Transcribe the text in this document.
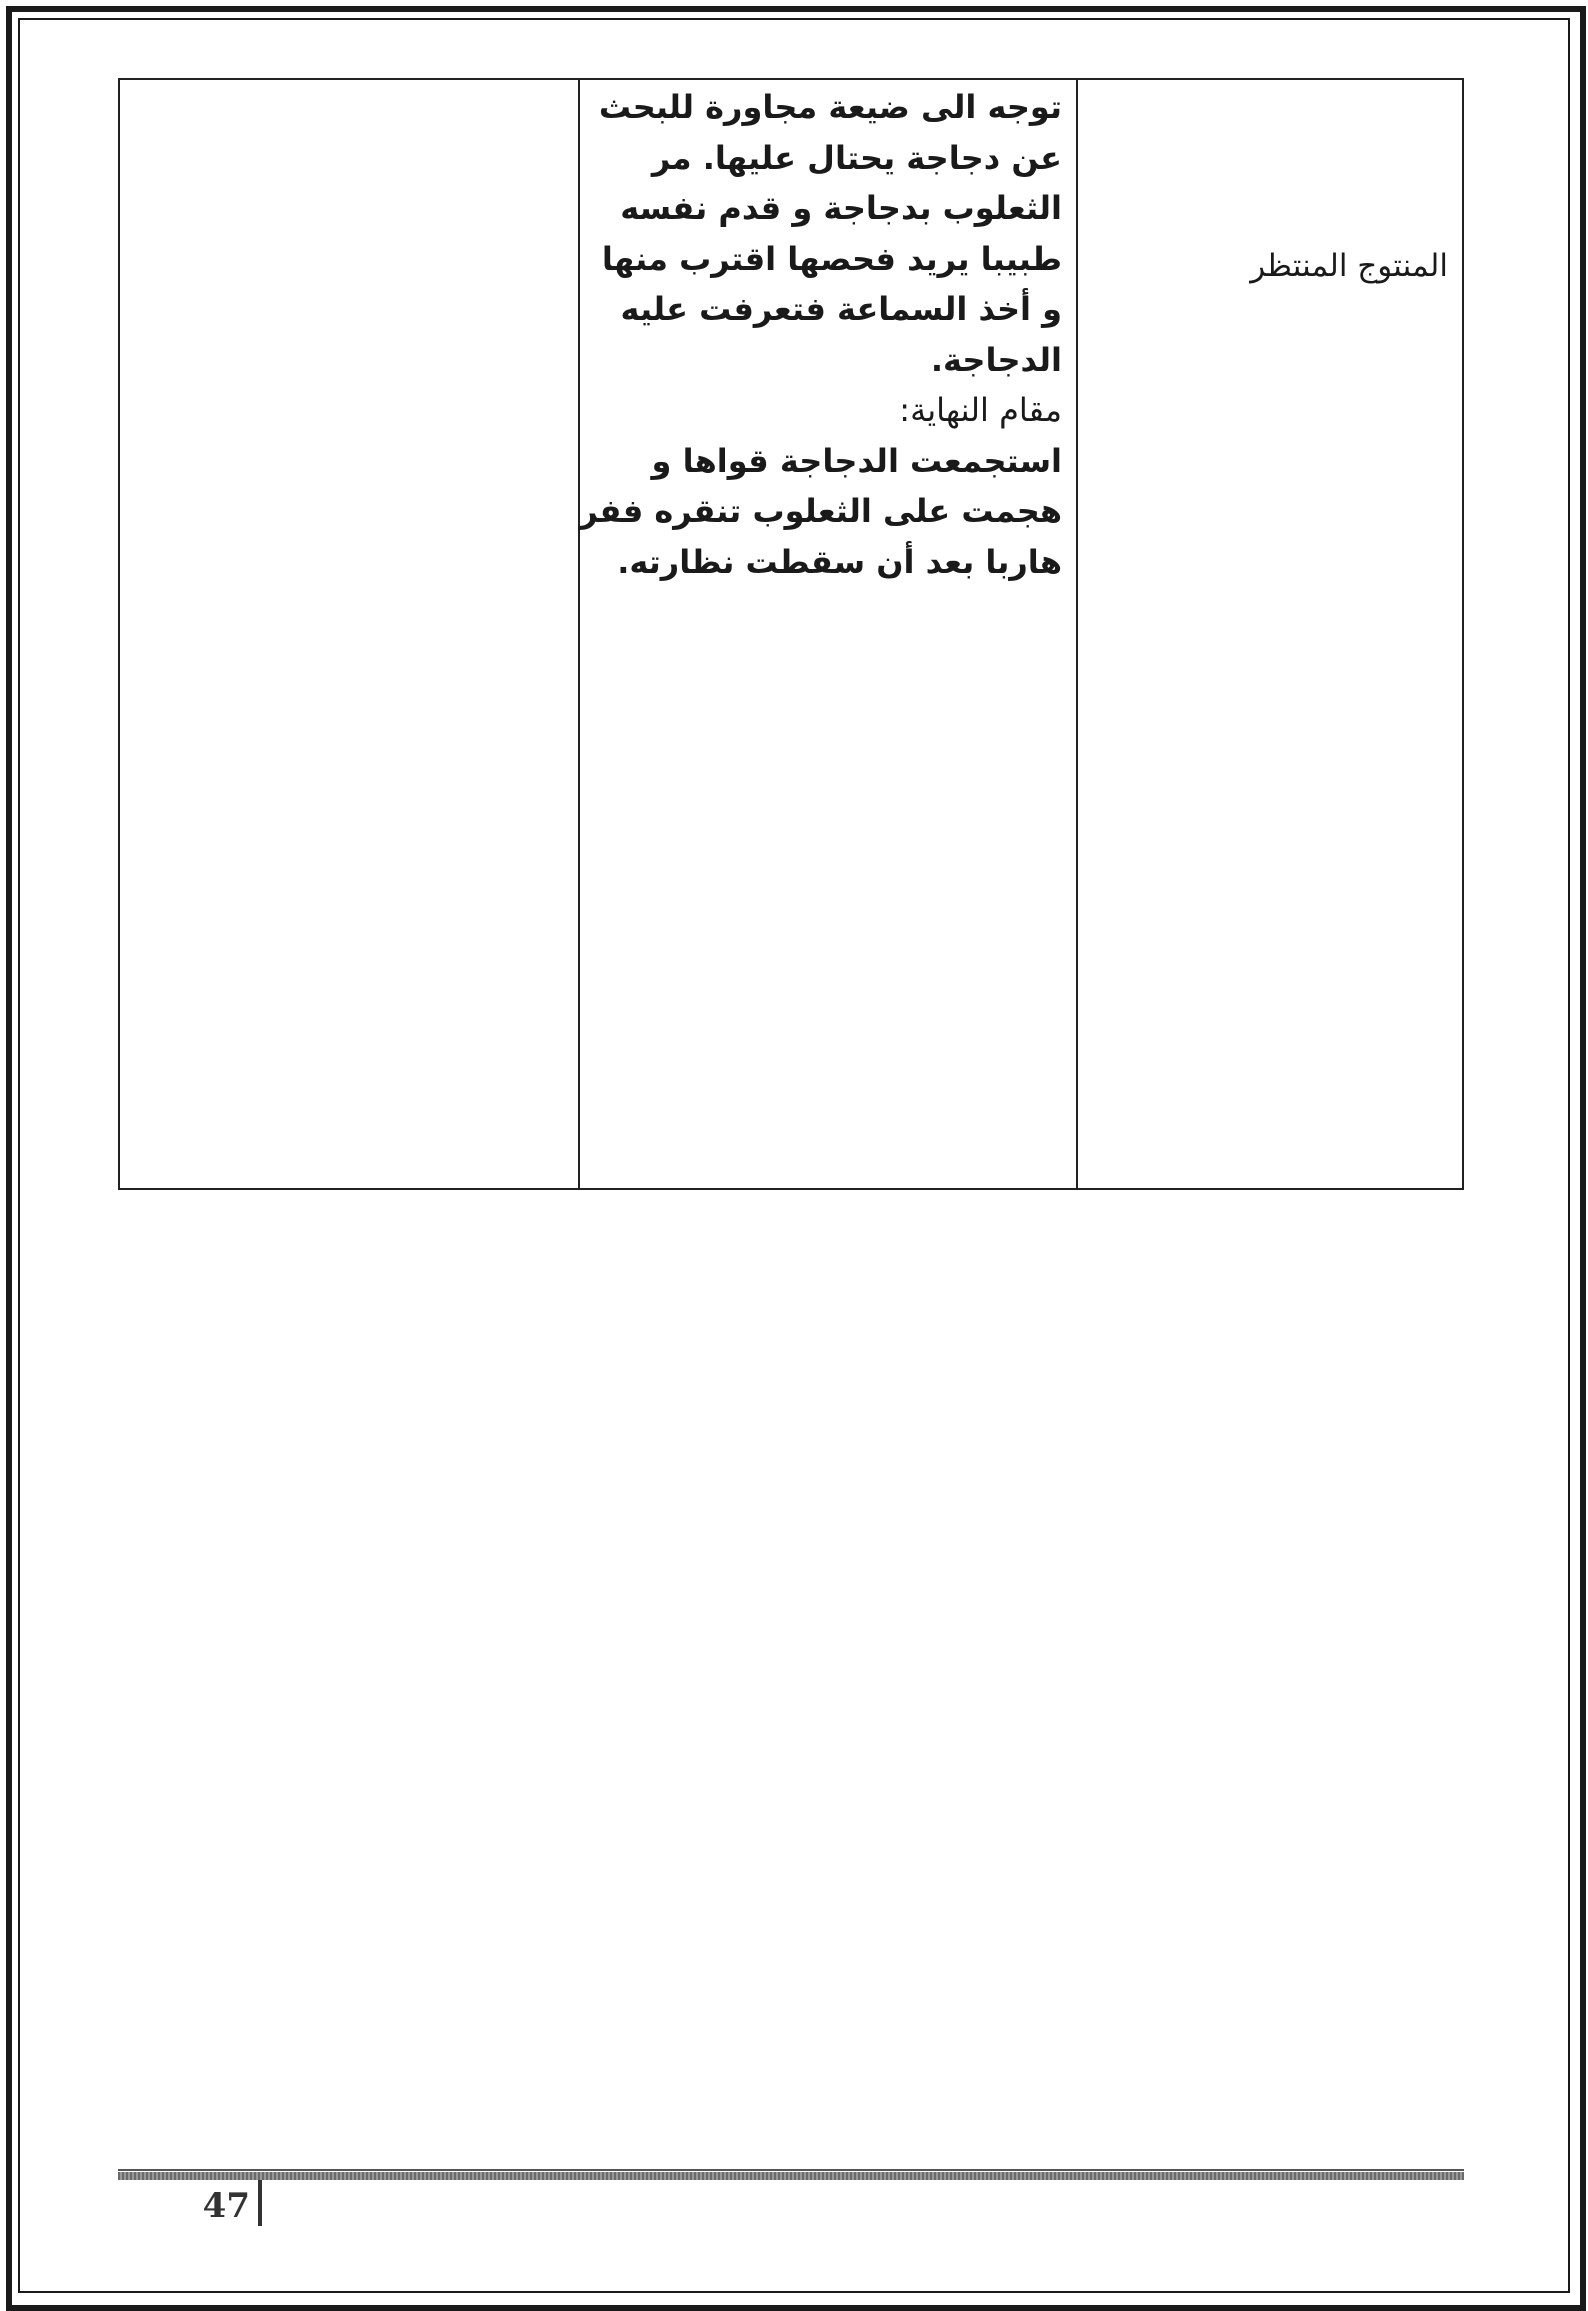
المنتوج المنتظر

توجه الى ضيعة مجاورة للبحث
عن دجاجة يحتال عليها. مر
الثعلوب بدجاجة و قدم نفسه
طبيبا يريد فحصها اقترب منها
و أخذ السماعة فتعرفت عليه
الدجاجة.
مقام النهاية:
استجمعت الدجاجة قواها و
هجمت على الثعلوب تنقره ففر
هاربا بعد أن سقطت نظارته.

47
